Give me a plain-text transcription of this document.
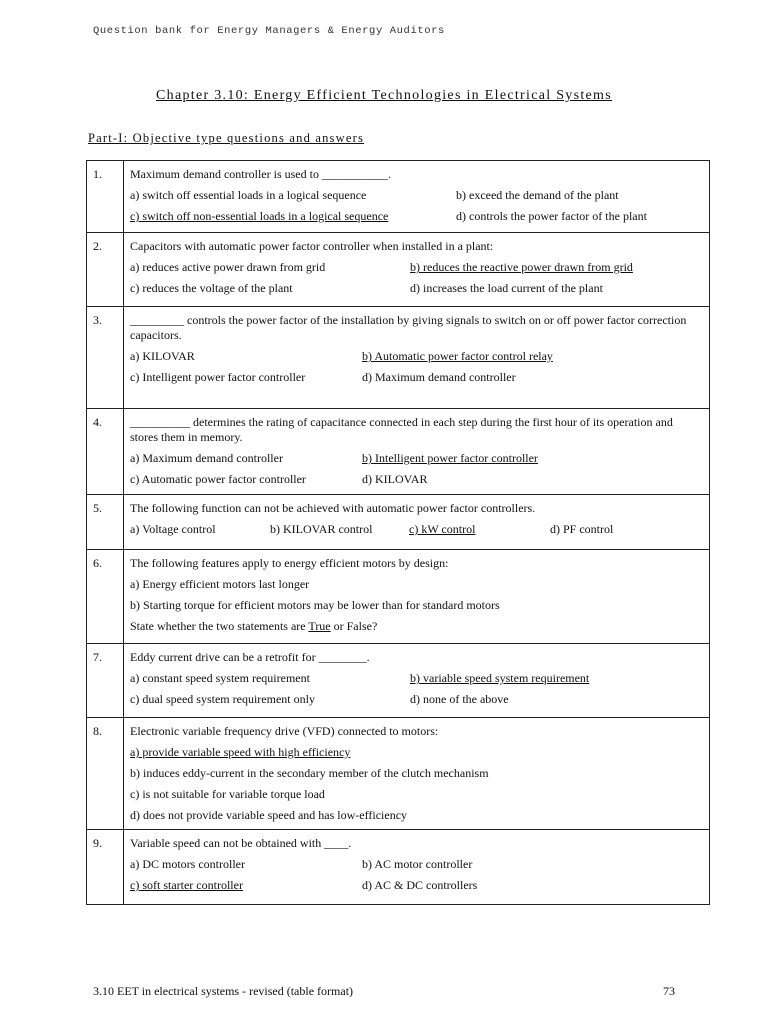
Question bank for Energy Managers & Energy Auditors
Chapter 3.10: Energy Efficient Technologies in Electrical Systems
Part-I: Objective type questions and answers
1.	Maximum demand controller is used to ___________.
a) switch off essential loads in a logical sequence b) exceed the demand of the plant
c) switch off non-essential loads in a logical sequence d) controls the power factor of the plant

2.	Capacitors with automatic power factor controller when installed in a plant:
a) reduces active power drawn from grid b) reduces the reactive power drawn from grid
c) reduces the voltage of the plant d) increases the load current of the plant

3.	_________ controls the power factor of the installation by giving signals to switch on or off power factor correction capacitors.
a) KILOVAR b) Automatic power factor control relay
c) Intelligent power factor controller d) Maximum demand controller

4.	__________ determines the rating of capacitance connected in each step during the first hour of its operation and stores them in memory.
a) Maximum demand controller b) Intelligent power factor controller
c) Automatic power factor controller d) KILOVAR

5.	The following function can not be achieved with automatic power factor controllers.
a) Voltage control b) KILOVAR control c) kW control d) PF control

6.	The following features apply to energy efficient motors by design:
a) Energy efficient motors last longer
b) Starting torque for efficient motors may be lower than for standard motors
State whether the two statements are True or False?

7.	Eddy current drive can be a retrofit for ________.
a) constant speed system requirement b) variable speed system requirement
c) dual speed system requirement only d) none of the above

8.	Electronic variable frequency drive (VFD) connected to motors:
a) provide variable speed with high efficiency
b) induces eddy-current in the secondary member of the clutch mechanism
c) is not suitable for variable torque load
d) does not provide variable speed and has low-efficiency

9.	Variable speed can not be obtained with ____.
a) DC motors controller b) AC motor controller
c) soft starter controller d) AC & DC controllers
3.10 EET in electrical systems - revised (table format)	73
